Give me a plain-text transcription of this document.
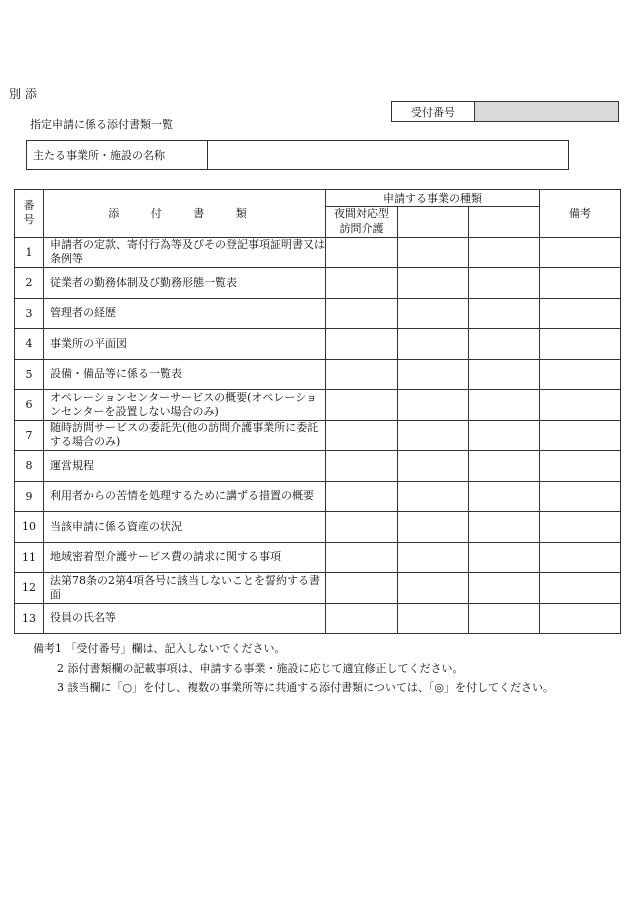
別 添
指定申請に係る添付書類一覧
受付番号
主たる事業所・施設の名称
番号	添 付 書 類	申請する事業の種類			備考
		夜間対応型訪問介護			
1	申請者の定款、寄付行為等及びその登記事項証明書又は条例等				
2	従業者の勤務体制及び勤務形態一覧表				
3	管理者の経歴				
4	事業所の平面図				
5	設備・備品等に係る一覧表				
6	オペレーションセンターサービスの概要(オペレーションセンターを設置しない場合のみ)				
7	随時訪問サービスの委託先(他の訪問介護事業所に委託する場合のみ)				
8	運営規程				
9	利用者からの苦情を処理するために講ずる措置の概要				
10	当該申請に係る資産の状況				
11	地域密着型介護サービス費の請求に関する事項				
12	法第78条の2第4項各号に該当しないことを誓約する書面				
13	役員の氏名等				
備考1 「受付番号」欄は、記入しないでください。
2 添付書類欄の記載事項は、申請する事業・施設に応じて適宜修正してください。
3 該当欄に「○」を付し、複数の事業所等に共通する添付書類については、「◎」を付してください。
